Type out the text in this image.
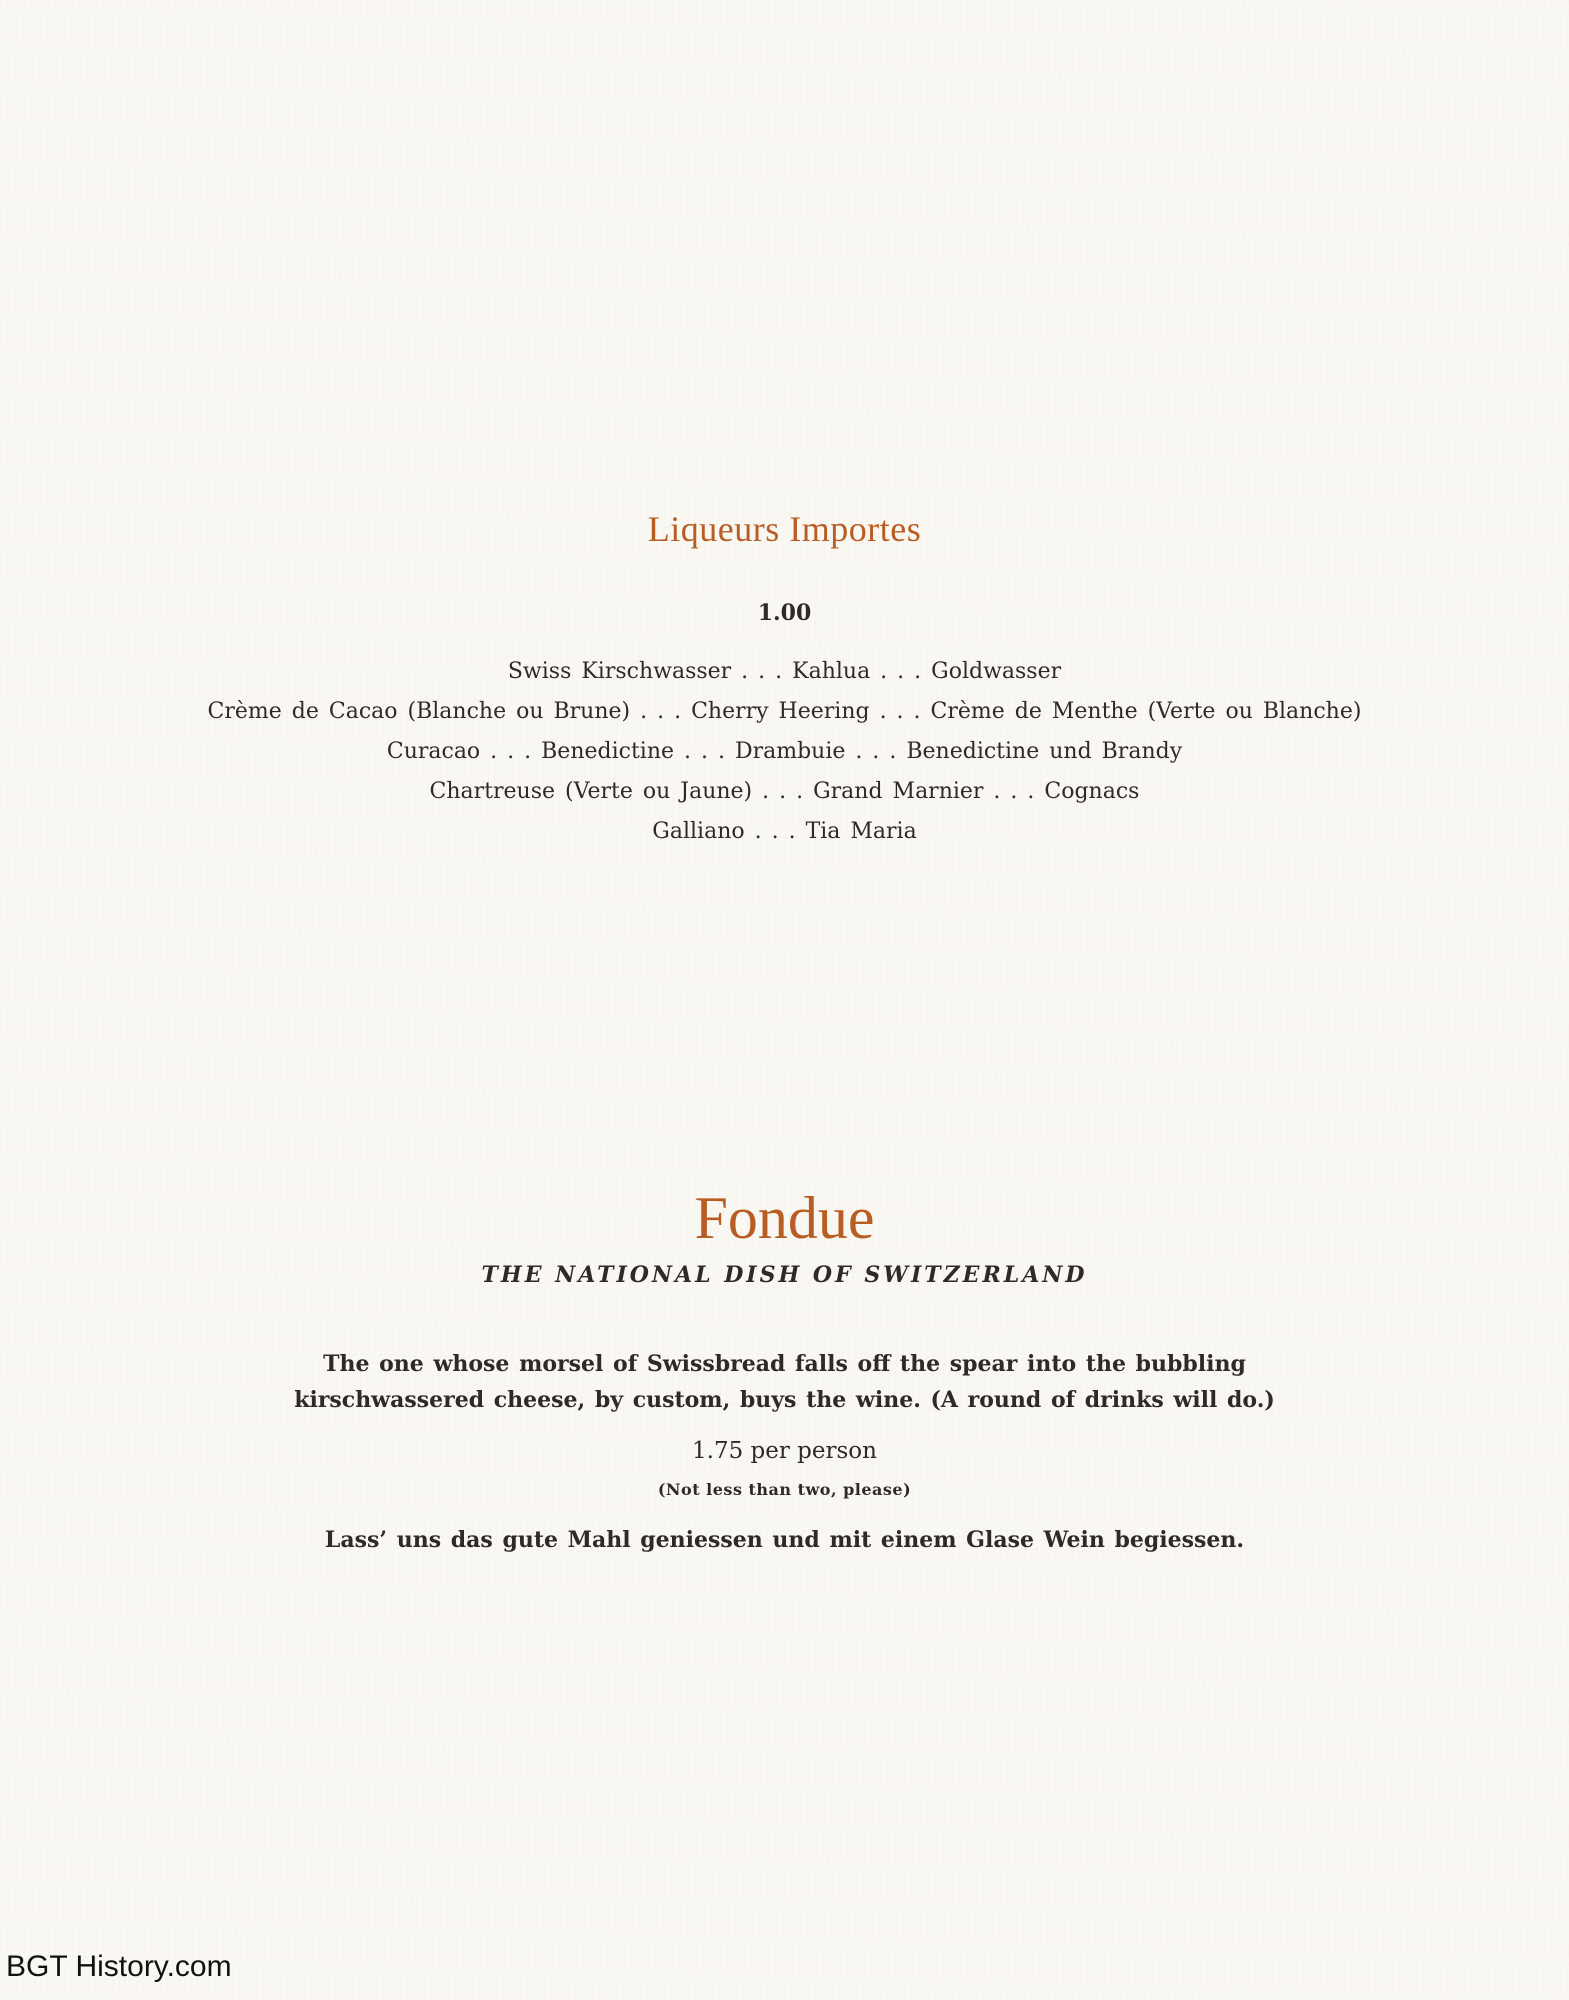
Liqueurs Importes
1.00
Swiss Kirschwasser . . . Kahlua . . . Goldwasser
Crème de Cacao (Blanche ou Brune) . . . Cherry Heering . . . Crème de Menthe (Verte ou Blanche)
Curacao . . . Benedictine . . . Drambuie . . . Benedictine und Brandy
Chartreuse (Verte ou Jaune) . . . Grand Marnier . . . Cognacs
Galliano . . . Tia Maria
Fondue
THE NATIONAL DISH OF SWITZERLAND
The one whose morsel of Swissbread falls off the spear into the bubbling
kirschwassered cheese, by custom, buys the wine. (A round of drinks will do.)
1.75 per person
(Not less than two, please)
Lass’ uns das gute Mahl geniessen und mit einem Glase Wein begiessen.
BGT History.com
